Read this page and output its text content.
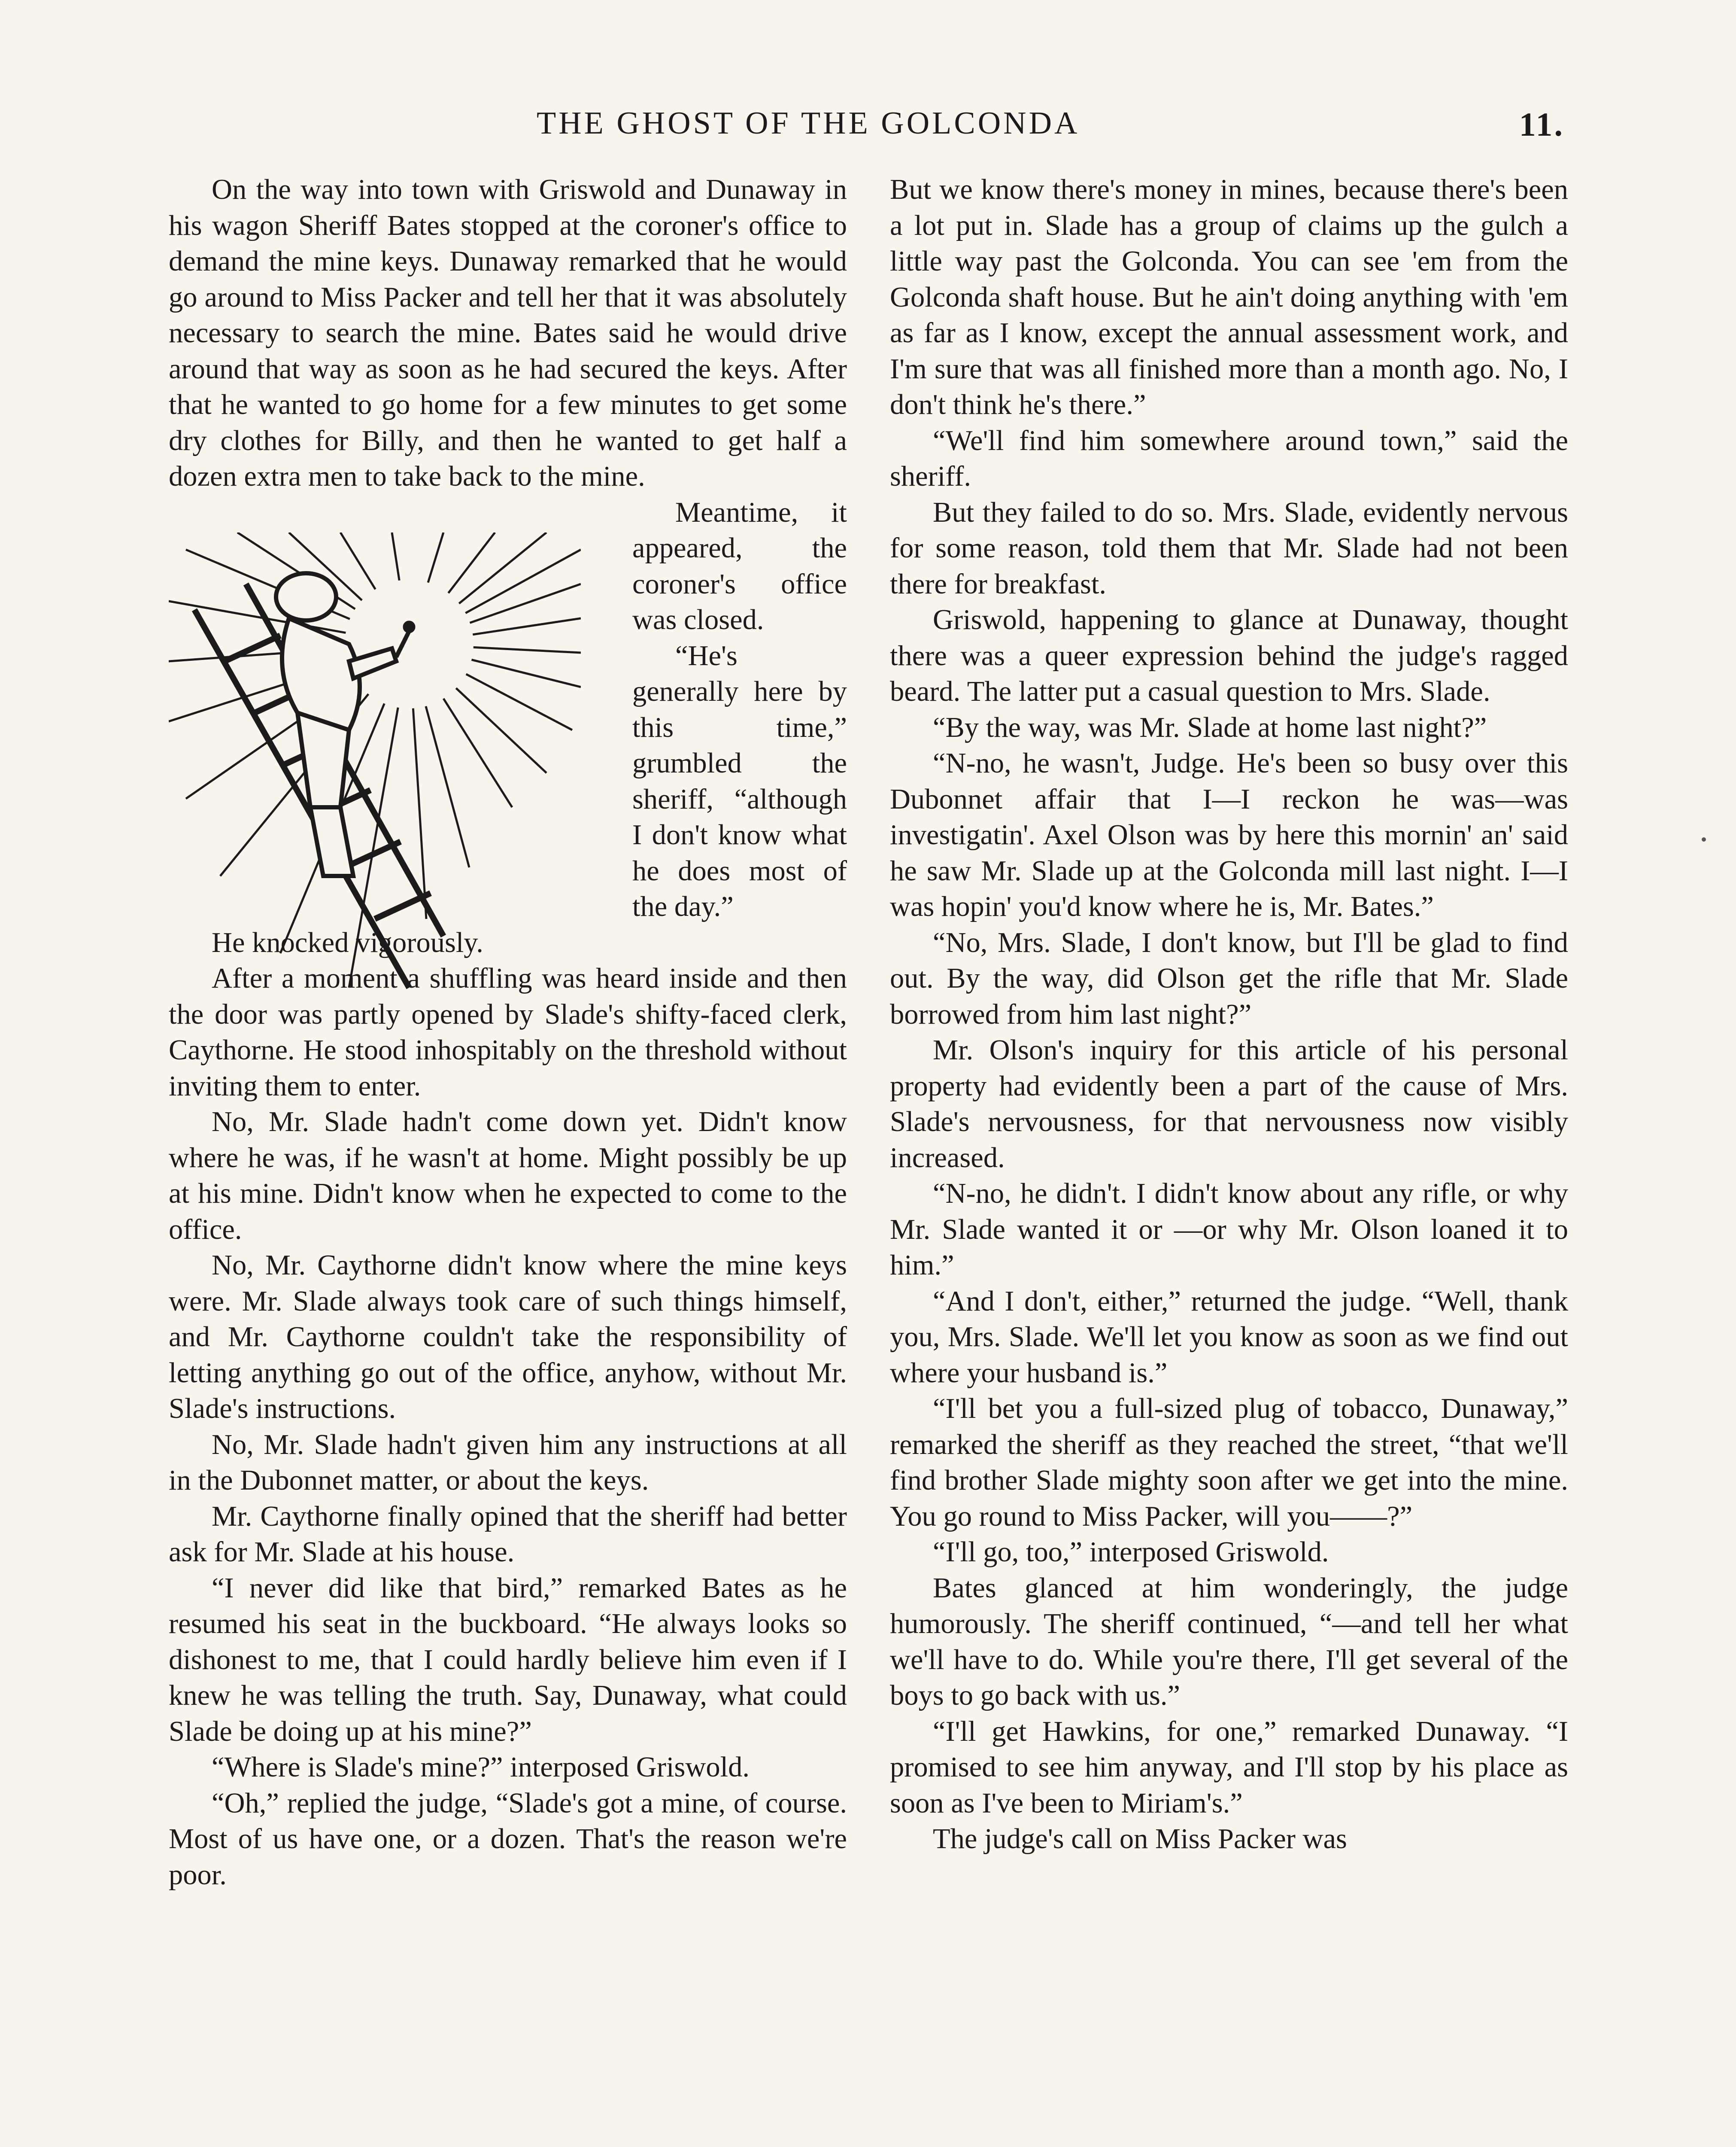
THE GHOST OF THE GOLCONDA	11.

On the way into town with Griswold and Dunaway in his wagon Sheriff Bates stopped at the coroner's office to demand the mine keys. Dunaway remarked that he would go around to Miss Packer and tell her that it was absolutely necessary to search the mine. Bates said he would drive around that way as soon as he had secured the keys. After that he wanted to go home for a few minutes to get some dry clothes for Billy, and then he wanted to get half a dozen extra men to take back to the mine.

Meantime, it appeared, the coroner's office was closed.

“He's generally here by this time,” grumbled the sheriff, “although I don't know what he does most of the day.”

He knocked vigorously.

After a moment a shuffling was heard inside and then the door was partly opened by Slade's shifty-faced clerk, Caythorne. He stood inhospitably on the threshold without inviting them to enter.

No, Mr. Slade hadn't come down yet. Didn't know where he was, if he wasn't at home. Might possibly be up at his mine. Didn't know when he expected to come to the office.

No, Mr. Caythorne didn't know where the mine keys were. Mr. Slade always took care of such things himself, and Mr. Caythorne couldn't take the responsibility of letting anything go out of the office, anyhow, without Mr. Slade's instructions.

No, Mr. Slade hadn't given him any instructions at all in the Dubonnet matter, or about the keys.

Mr. Caythorne finally opined that the sheriff had better ask for Mr. Slade at his house.

“I never did like that bird,” remarked Bates as he resumed his seat in the buckboard. “He always looks so dishonest to me, that I could hardly believe him even if I knew he was telling the truth. Say, Dunaway, what could Slade be doing up at his mine?”

“Where is Slade's mine?” interposed Griswold.

“Oh,” replied the judge, “Slade's got a mine, of course. Most of us have one, or a dozen. That's the reason we're poor.

But we know there's money in mines, because there's been a lot put in. Slade has a group of claims up the gulch a little way past the Golconda. You can see 'em from the Golconda shaft house. But he ain't doing anything with 'em as far as I know, except the annual assessment work, and I'm sure that was all finished more than a month ago. No, I don't think he's there.”

“We'll find him somewhere around town,” said the sheriff.

But they failed to do so. Mrs. Slade, evidently nervous for some reason, told them that Mr. Slade had not been there for breakfast.

Griswold, happening to glance at Dunaway, thought there was a queer expression behind the judge's ragged beard. The latter put a casual question to Mrs. Slade.

“By the way, was Mr. Slade at home last night?”

“N-no, he wasn't, Judge. He's been so busy over this Dubonnet affair that I—I reckon he was—was investigatin'. Axel Olson was by here this mornin' an' said he saw Mr. Slade up at the Golconda mill last night. I—I was hopin' you'd know where he is, Mr. Bates.”

“No, Mrs. Slade, I don't know, but I'll be glad to find out. By the way, did Olson get the rifle that Mr. Slade borrowed from him last night?”

Mr. Olson's inquiry for this article of his personal property had evidently been a part of the cause of Mrs. Slade's nervousness, for that nervousness now visibly increased.

“N-no, he didn't. I didn't know about any rifle, or why Mr. Slade wanted it or —or why Mr. Olson loaned it to him.”

“And I don't, either,” returned the judge. “Well, thank you, Mrs. Slade. We'll let you know as soon as we find out where your husband is.”

“I'll bet you a full-sized plug of tobacco, Dunaway,” remarked the sheriff as they reached the street, “that we'll find brother Slade mighty soon after we get into the mine. You go round to Miss Packer, will you——?”

“I'll go, too,” interposed Griswold.

Bates glanced at him wonderingly, the judge humorously. The sheriff continued, “—and tell her what we'll have to do. While you're there, I'll get several of the boys to go back with us.”

“I'll get Hawkins, for one,” remarked Dunaway. “I promised to see him anyway, and I'll stop by his place as soon as I've been to Miriam's.”

The judge's call on Miss Packer was
